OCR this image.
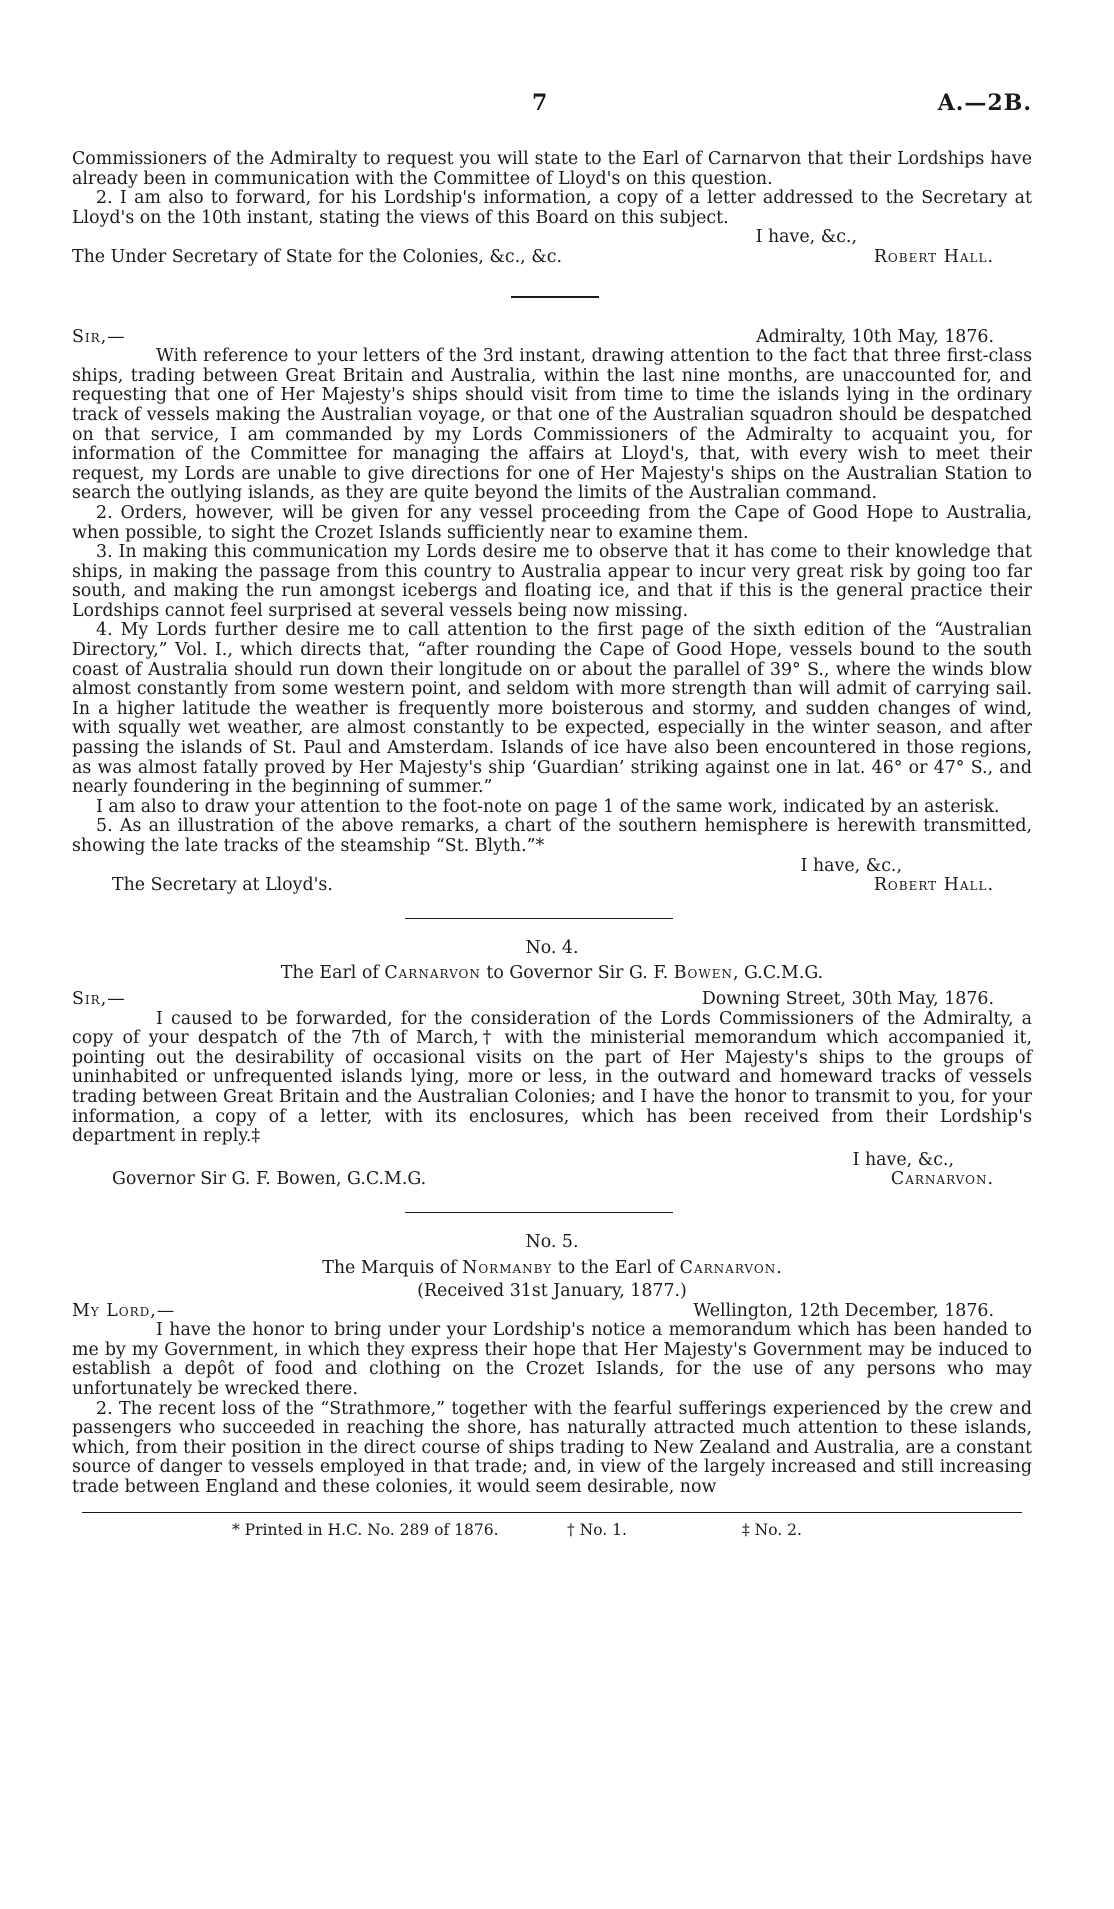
7	A.—2B.

Commissioners of the Admiralty to request you will state to the Earl of Carnarvon that their Lordships have already been in communication with the Committee of Lloyd's on this question.

2. I am also to forward, for his Lordship's information, a copy of a letter addressed to the Secretary at Lloyd's on the 10th instant, stating the views of this Board on this subject.

I have, &c.,
The Under Secretary of State for the Colonies, &c., &c.	Robert Hall.
Sir,—	Admiralty, 10th May, 1876.

With reference to your letters of the 3rd instant, drawing attention to the fact that three first-class ships, trading between Great Britain and Australia, within the last nine months, are unaccounted for, and requesting that one of Her Majesty's ships should visit from time to time the islands lying in the ordinary track of vessels making the Australian voyage, or that one of the Australian squadron should be despatched on that service, I am commanded by my Lords Commissioners of the Admiralty to acquaint you, for information of the Committee for managing the affairs at Lloyd's, that, with every wish to meet their request, my Lords are unable to give directions for one of Her Majesty's ships on the Australian Station to search the outlying islands, as they are quite beyond the limits of the Australian command.

2. Orders, however, will be given for any vessel proceeding from the Cape of Good Hope to Australia, when possible, to sight the Crozet Islands sufficiently near to examine them.

3. In making this communication my Lords desire me to observe that it has come to their knowledge that ships, in making the passage from this country to Australia appear to incur very great risk by going too far south, and making the run amongst icebergs and floating ice, and that if this is the general practice their Lordships cannot feel surprised at several vessels being now missing.

4. My Lords further desire me to call attention to the first page of the sixth edition of the “Australian Directory,” Vol. I., which directs that, “after rounding the Cape of Good Hope, vessels bound to the south coast of Australia should run down their longitude on or about the parallel of 39° S., where the winds blow almost constantly from some western point, and seldom with more strength than will admit of carrying sail. In a higher latitude the weather is frequently more boisterous and stormy, and sudden changes of wind, with squally wet weather, are almost constantly to be expected, especially in the winter season, and after passing the islands of St. Paul and Amsterdam. Islands of ice have also been encountered in those regions, as was almost fatally proved by Her Majesty's ship ‘Guardian’ striking against one in lat. 46° or 47° S., and nearly foundering in the beginning of summer.”

I am also to draw your attention to the foot-note on page 1 of the same work, indicated by an asterisk.

5. As an illustration of the above remarks, a chart of the southern hemisphere is herewith transmitted, showing the late tracks of the steamship “St. Blyth.”*

I have, &c.,
The Secretary at Lloyd's.	Robert Hall.
No. 4.
The Earl of Carnarvon to Governor Sir G. F. Bowen, G.C.M.G.
Sir,—	Downing Street, 30th May, 1876.

I caused to be forwarded, for the consideration of the Lords Commissioners of the Admiralty, a copy of your despatch of the 7th of March,† with the ministerial memorandum which accompanied it, pointing out the desirability of occasional visits on the part of Her Majesty's ships to the groups of uninhabited or unfrequented islands lying, more or less, in the outward and homeward tracks of vessels trading between Great Britain and the Australian Colonies; and I have the honor to transmit to you, for your information, a copy of a letter, with its enclosures, which has been received from their Lordship's department in reply.‡

I have, &c.,
Governor Sir G. F. Bowen, G.C.M.G.	Carnarvon.
No. 5.
The Marquis of Normanby to the Earl of Carnarvon.
(Received 31st January, 1877.)
My Lord,—	Wellington, 12th December, 1876.

I have the honor to bring under your Lordship's notice a memorandum which has been handed to me by my Government, in which they express their hope that Her Majesty's Government may be induced to establish a depôt of food and clothing on the Crozet Islands, for the use of any persons who may unfortunately be wrecked there.

2. The recent loss of the “Strathmore,” together with the fearful sufferings experienced by the crew and passengers who succeeded in reaching the shore, has naturally attracted much attention to these islands, which, from their position in the direct course of ships trading to New Zealand and Australia, are a constant source of danger to vessels employed in that trade; and, in view of the largely increased and still increasing trade between England and these colonies, it would seem desirable, now

* Printed in H.C. No. 289 of 1876.	† No. 1.	‡ No. 2.
